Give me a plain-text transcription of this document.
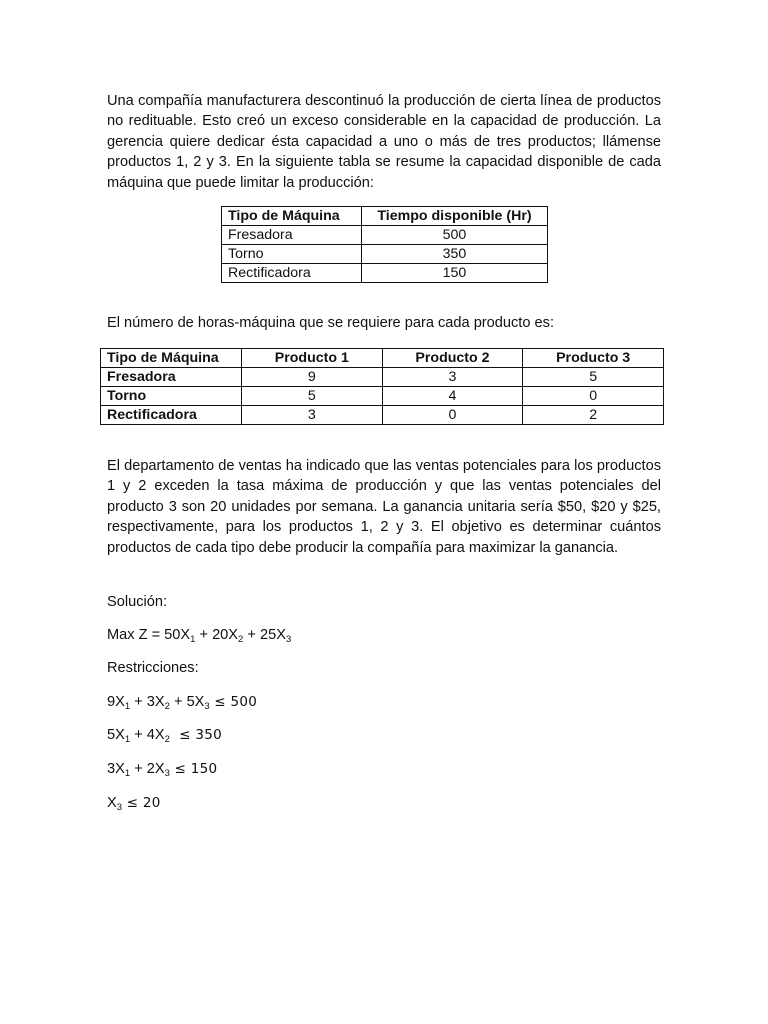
Una compañía manufacturera descontinuó la producción de cierta línea de productos no redituable. Esto creó un exceso considerable en la capacidad de producción. La gerencia quiere dedicar ésta capacidad a uno o más de tres productos; llámense productos 1, 2 y 3. En la siguiente tabla se resume la capacidad disponible de cada máquina que puede limitar la producción:

Tipo de Máquina	Tiempo disponible (Hr)
Fresadora	500
Torno	350
Rectificadora	150

El número de horas-máquina que se requiere para cada producto es:

Tipo de Máquina	Producto 1	Producto 2	Producto 3
Fresadora	9	3	5
Torno	5	4	0
Rectificadora	3	0	2

El departamento de ventas ha indicado que las ventas potenciales para los productos 1 y 2 exceden la tasa máxima de producción y que las ventas potenciales del producto 3 son 20 unidades por semana. La ganancia unitaria sería $50, $20 y $25, respectivamente, para los productos 1, 2 y 3. El objetivo es determinar cuántos productos de cada tipo debe producir la compañía para maximizar la ganancia.

Solución:

Max $Z = 50X_1 + 20X_2 + 25X_3$

Restricciones:

$9X_1 + 3X_2 + 5X_3 \le 500$

$5X_1 + 4X_2 \le 350$

$3X_1 + 2X_3 \le 150$

$X_3 \le 20$
